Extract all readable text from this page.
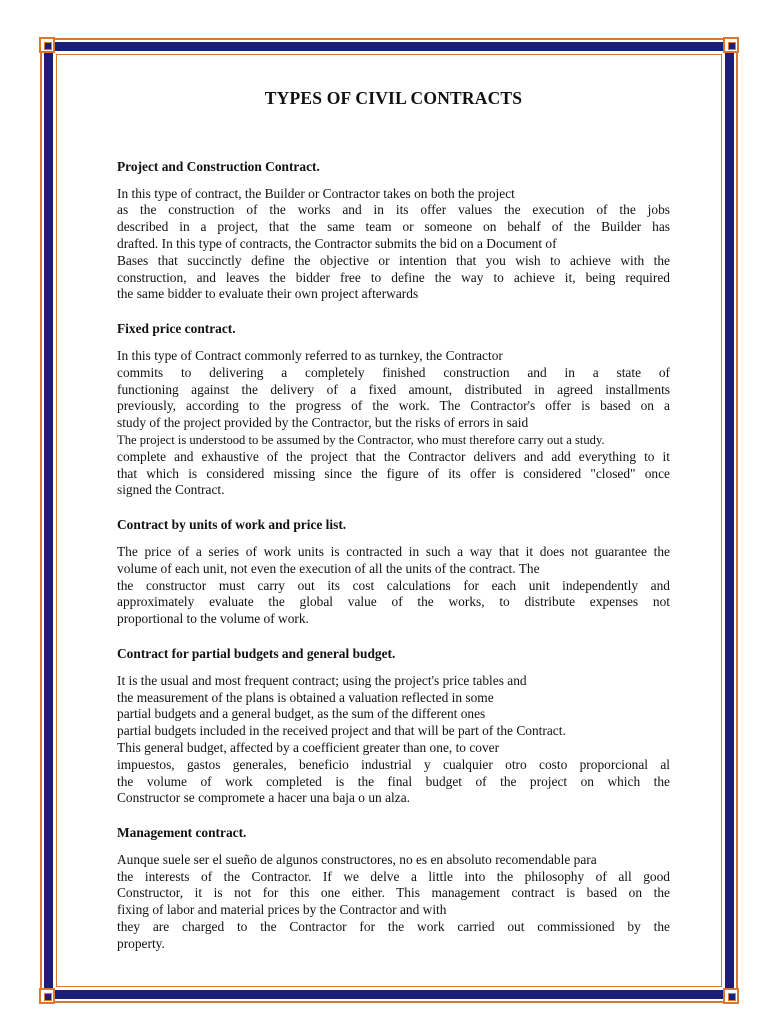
TYPES OF CIVIL CONTRACTS
Project and Construction Contract.
In this type of contract, the Builder or Contractor takes on both the project
as the construction of the works and in its offer values the execution of the jobs
described in a project, that the same team or someone on behalf of the Builder has
drafted. In this type of contracts, the Contractor submits the bid on a Document of
Bases that succinctly define the objective or intention that you wish to achieve with the
construction, and leaves the bidder free to define the way to achieve it, being required
the same bidder to evaluate their own project afterwards
Fixed price contract.
In this type of Contract commonly referred to as turnkey, the Contractor
commits to delivering a completely finished construction and in a state of
functioning against the delivery of a fixed amount, distributed in agreed installments
previously, according to the progress of the work. The Contractor's offer is based on a
study of the project provided by the Contractor, but the risks of errors in said
The project is understood to be assumed by the Contractor, who must therefore carry out a study.
complete and exhaustive of the project that the Contractor delivers and add everything to it
that which is considered missing since the figure of its offer is considered "closed" once
signed the Contract.
Contract by units of work and price list.
The price of a series of work units is contracted in such a way that it does not guarantee the
volume of each unit, not even the execution of all the units of the contract. The
the constructor must carry out its cost calculations for each unit independently and
approximately evaluate the global value of the works, to distribute expenses not
proportional to the volume of work.
Contract for partial budgets and general budget.
It is the usual and most frequent contract; using the project's price tables and
the measurement of the plans is obtained a valuation reflected in some
partial budgets and a general budget, as the sum of the different ones
partial budgets included in the received project and that will be part of the Contract.
This general budget, affected by a coefficient greater than one, to cover
impuestos, gastos generales, beneficio industrial y cualquier otro costo proporcional al
the volume of work completed is the final budget of the project on which the
Constructor se compromete a hacer una baja o un alza.
Management contract.
Aunque suele ser el sueño de algunos constructores, no es en absoluto recomendable para
the interests of the Contractor. If we delve a little into the philosophy of all good
Constructor, it is not for this one either. This management contract is based on the
fixing of labor and material prices by the Contractor and with
they are charged to the Contractor for the work carried out commissioned by the
property.
